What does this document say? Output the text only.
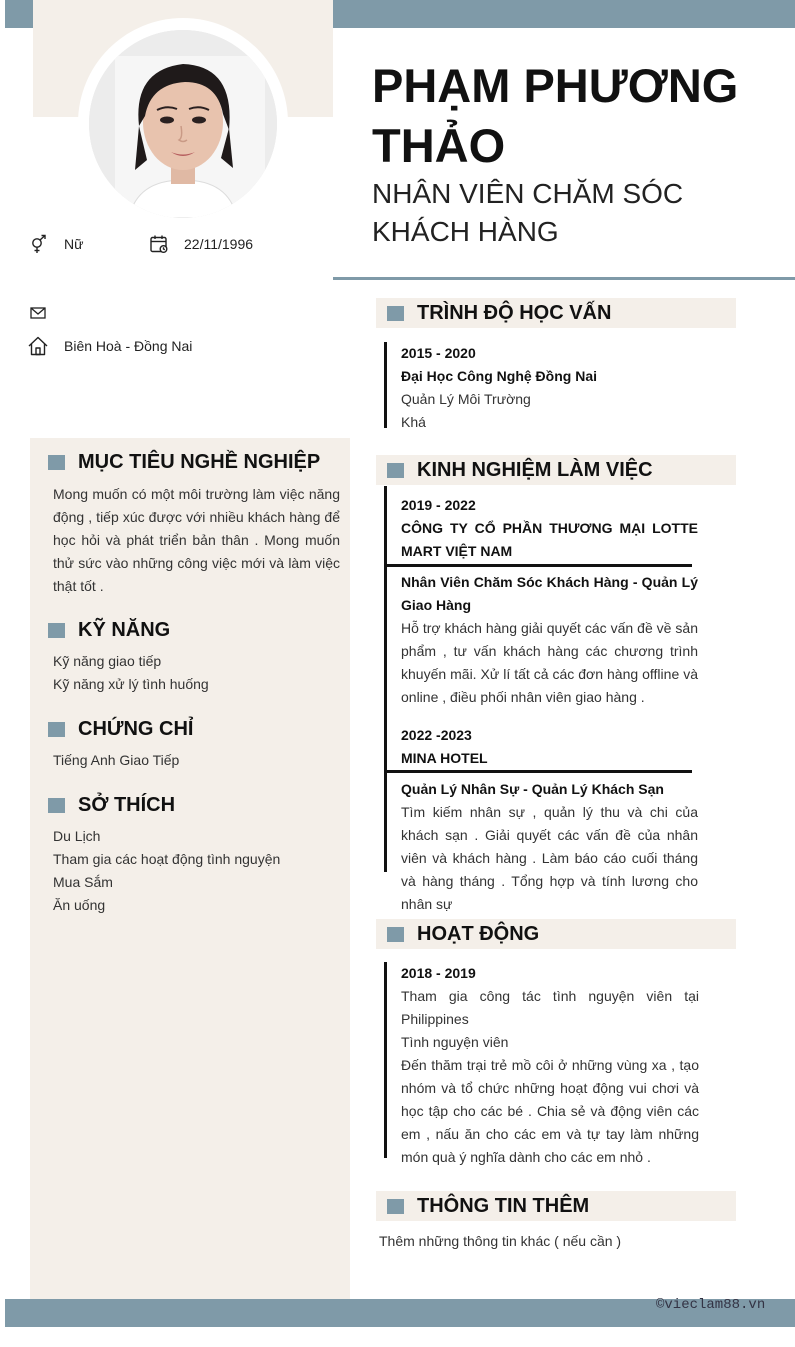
PHẠM PHƯƠNG THẢO
NHÂN VIÊN CHĂM SÓC KHÁCH HÀNG
Nữ	22/11/1996
Biên Hoà - Đồng Nai
MỤC TIÊU NGHỀ NGHIỆP
Mong muốn có một môi trường làm việc năng động , tiếp xúc được với nhiều khách hàng để học hỏi và phát triển bản thân . Mong muốn thử sức vào những công việc mới và làm việc thật tốt .
KỸ NĂNG
Kỹ năng giao tiếp
Kỹ năng xử lý tình huống
CHỨNG CHỈ
Tiếng Anh Giao Tiếp
SỞ THÍCH
Du Lịch
Tham gia các hoạt động tình nguyện
Mua Sắm
Ăn uống
TRÌNH ĐỘ HỌC VẤN
2015 - 2020
Đại Học Công Nghệ Đồng Nai
Quản Lý Môi Trường
Khá
KINH NGHIỆM LÀM VIỆC
2019 - 2022
CÔNG TY CỔ PHẦN THƯƠNG MẠI LOTTE MART VIỆT NAM
Nhân Viên Chăm Sóc Khách Hàng - Quản Lý Giao Hàng
Hỗ trợ khách hàng giải quyết các vấn đề về sản phẩm , tư vấn khách hàng các chương trình khuyến mãi. Xử lí tất cả các đơn hàng offline và online , điều phối nhân viên giao hàng .
2022 -2023
MINA HOTEL
Quản Lý Nhân Sự - Quản Lý Khách Sạn
Tìm kiếm nhân sự , quản lý thu và chi của khách sạn . Giải quyết các vấn đề của nhân viên và khách hàng . Làm báo cáo cuối tháng và hàng tháng . Tổng hợp và tính lương cho nhân sự
HOẠT ĐỘNG
2018 - 2019
Tham gia công tác tình nguyện viên tại Philippines
Tình nguyện viên
Đến thăm trại trẻ mồ côi ở những vùng xa , tạo nhóm và tổ chức những hoạt động vui chơi và học tập cho các bé . Chia sẻ và động viên các em , nấu ăn cho các em và tự tay làm những món quà ý nghĩa dành cho các em nhỏ .
THÔNG TIN THÊM
Thêm những thông tin khác ( nếu cần )
©vieclam88.vn
